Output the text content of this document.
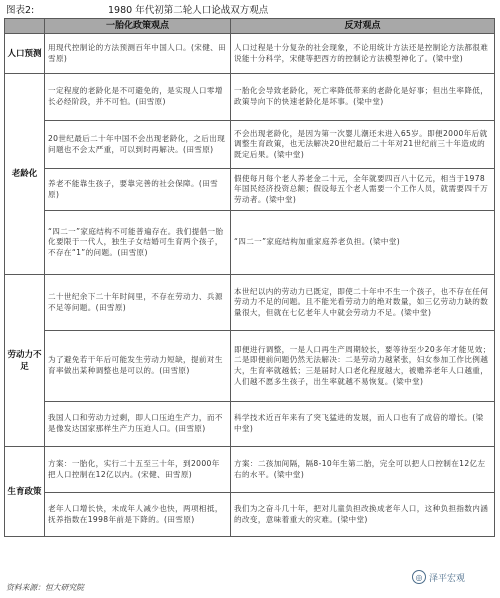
图表2:	1980 年代初第二轮人口论战双方观点
	一胎化政策观点	反对观点
人口预测	用现代控制论的方法预测百年中国人口。(宋健、田雪原)	人口过程是十分复杂的社会现象，不论用统计方法还是控制论方法都很难说能十分科学，宋健等把西方的控制论方法模型神化了。(梁中堂)
老龄化	一定程度的老龄化是不可避免的，是实现人口零增长必经阶段，并不可怕。(田雪原)	一胎化会导致老龄化，死亡率降低带来的老龄化是好事；但出生率降低，政策导向下的快速老龄化是坏事。(梁中堂)
	20世纪最后二十年中国不会出现老龄化，之后出现问题也不会太严重，可以到时再解决。(田雪原)	不会出现老龄化，是因为第一次婴儿潮还未进入65岁。即便2000年后就调整生育政策，也无法解决20世纪最后二十年对21世纪前三十年造成的既定后果。(梁中堂)
	养老不能靠生孩子，要靠完善的社会保障。(田雪原)	假使每月每个老人养老金二十元，全年就要四百八十亿元，相当于1978年国民经济投资总额；假设每五个老人需要一个工作人员，就需要四千万劳动者。(梁中堂)
	“四二一”家庭结构不可能普遍存在。我们提倡一胎化要限于一代人，独生子女结婚可生育两个孩子，不存在“1”的问题。(田雪原)	“四二一”家庭结构加重家庭养老负担。(梁中堂)
劳动力不足	二十世纪余下二十年时间里，不存在劳动力、兵源不足等问题。(田雪原)	本世纪以内的劳动力已既定，即使二十年中不生一个孩子，也不存在任何劳动力不足的问题。且不能光看劳动力的绝对数量，如三亿劳动力缺的数量很大，但就在七亿老年人中就会劳动力不足。(梁中堂)
	为了避免若干年后可能发生劳动力短缺，提前对生育率做出某种调整也是可以的。(田雪原)	即便进行调整，一是人口再生产周期较长，要等待至少20多年才能见效；二是即便前问题仍然无法解决：二是劳动力越紧张，妇女参加工作比例越大，生育率就越低；三是届时人口老化程度越大，被赡养老年人口越重，人们越不愿多生孩子，出生率就越不易恢复。(梁中堂)
	我国人口和劳动力过剩，即人口压迫生产力，而不是像发达国家那样生产力压迫人口。(田雪原)	科学技术近百年来有了突飞猛进的发展，而人口也有了成倍的增长。(梁中堂)
生育政策	方案：一胎化，实行二十五至三十年，到2000年把人口控制在12亿以内。(宋健、田雪原)	方案：二孩加间隔，隔8-10年生第二胎，完全可以把人口控制在12亿左右的水平。(梁中堂)
	老年人口增长快，未成年人减少也快，两项相抵，抚养指数在1998年前是下降的。(田雪原)	我们为之奋斗几十年，把对儿童负担改换成老年人口，这种负担指数内涵的改变，意味着重大的灾难。(梁中堂)
资料来源：恒大研究院
◎ 泽平宏观
